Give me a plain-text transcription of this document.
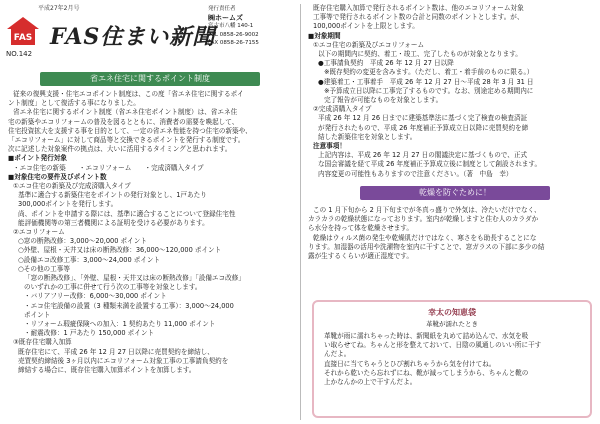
平成27年2月号
FAS
NO.142
FAS住まい新聞
発行責任者
㈱ホームズ
宮古市八幡 140-1
TEL 0858-26-9002
FAX 0858-26-7155
省エネ住宅に関するポイント制度

従来の復興支援・住宅エコポイント制度は、この度「省エネ住宅に関するポイ

ント制度」として復活する事になりました。

省エネ住宅に関するポイント制度（省エネ住宅ポイント制度）は、省エネ住

宅の新築やエコリフォームの普及を図るとともに、消費者の需要を喚起して、

住宅投資拡大を支援する事を目的として、一定の省エネ性能を持つ住宅の新築や、

「エコリフォーム」に対して商品等と交換できるポイントを発行する制度です。

次に記述した対象案件の拠点は、大いに活用するタイミングと思われます。

■ポイント発行対象

・エコ住宅の新築　　・エコリフォーム　　・完成済購入タイプ

■対象住宅の要件及びポイント数

①エコ住宅の新築及び完成済購入タイプ

基準に適合する新築住宅をポイントの発行対象とし、1戸あたり

300,000ポイントを発行します。

尚、ポイントを申請する際には、基準に適合することについて登録住宅性

能評価機関等の第三者機関による証明を受ける必要があります。

②エコリフォーム

○窓の断熱改修：3,000〜20,000 ポイント

○外壁、屋根・天井又は床の断熱改修：36,000〜120,000 ポイント

○設備エコ改修工事：3,000〜24,000 ポイント

○その他の工事等

「窓の断熱改修」、「外壁、屋根・天井又は床の断熱改修」「設備エコ改修」

のいずれかの工事に併せて行う次の工事等を対象とします。

・バリアフリー改修：6,000〜30,000 ポイント

・エコ住宅設備の設置（3 種類未満を設置する工事）：3,000〜24,000

ポイント

・リフォーム瑕疵保険への加入：1 契約あたり 11,000 ポイント

・耐震改修：1 戸あたり 150,000 ポイント

③既存住宅購入加算

既存住宅にて、平成 26 年 12 月 27 日以降に売買契約を締結し、

売買契約締結後 3ヶ月以内にエコリフォーム対象工事の工事請負契約を

締結する場合に、既存住宅購入加算ポイントを加算します。

既存住宅購入加算で発行されるポイント数は、他のエコリフォーム対象

工事等で発行されるポイント数の合計と同数のポイントとします。が、

100,000ポイントを上限とします。

■対象期間

①エコ住宅の新築及びエコリフォーム

以下の期間内に契約、着工・竣工、完了したものが対象となります。

●工事請負契約　平成 26 年 12 月 27 日以降

※既存契約の変更を含みます。（ただし、着工・着手前のものに限る。）

●建築着工・工事着手　平成 26 年 12 月 27 日〜平成 28 年 3 月 31 日

※予算成立日以降に工事完了するものです。なお、別途定める期間内に

完了報告が可能なものを対象とします。

②完成済購入タイプ

平成 26 年 12 月 26 日までに建築基準法に基づく完了検査の検査済証

が発行されたもので、平成 26 年度補正予算成立日以降に売買契約を締

結した新築住宅を対象とします。

注意事項！

上記内容は、平成 26 年 12 月 27 日の閣議決定に基づくもので、正式

な国会審議を経て平成 26 年度補正予算成立後に制度として創設されます。

内容変更の可能性もありますので注意ください。（著　中島　幸）

乾燥を防ぐために！

この 1 月下旬から 2 月下旬までが冬真っ盛りで外気は、冷たいだけでなく、

カラカラの乾燥状態になっております。室内が乾燥しますと住む人のカラダか

ら水分を持って体を乾燥させます。

乾燥はウィルス菌の発生や乾燥肌だけではなく、寒さをも助長することにな

ります。加湿器の活用や洗濯物を室内に干すことで、窓ガラスの下部に多少の結

露が生するくらいが適正湿度です。

幸太の知恵袋
革靴が濡れたとき

革靴が雨に濡れちゃった時は、新聞紙を丸めて詰め込んで、水気を吸

い取らせてね。ちゃんと形を整えておいて、日陰の風通しのいい所に干す

んだよ。

直接日に当てちゃうとひび割れちゃうから気を付けてね。

それから乾いたら忘れずにね、靴が減ってしまうから、ちゃんと靴の

上かなんかの上で干すんだよ。
